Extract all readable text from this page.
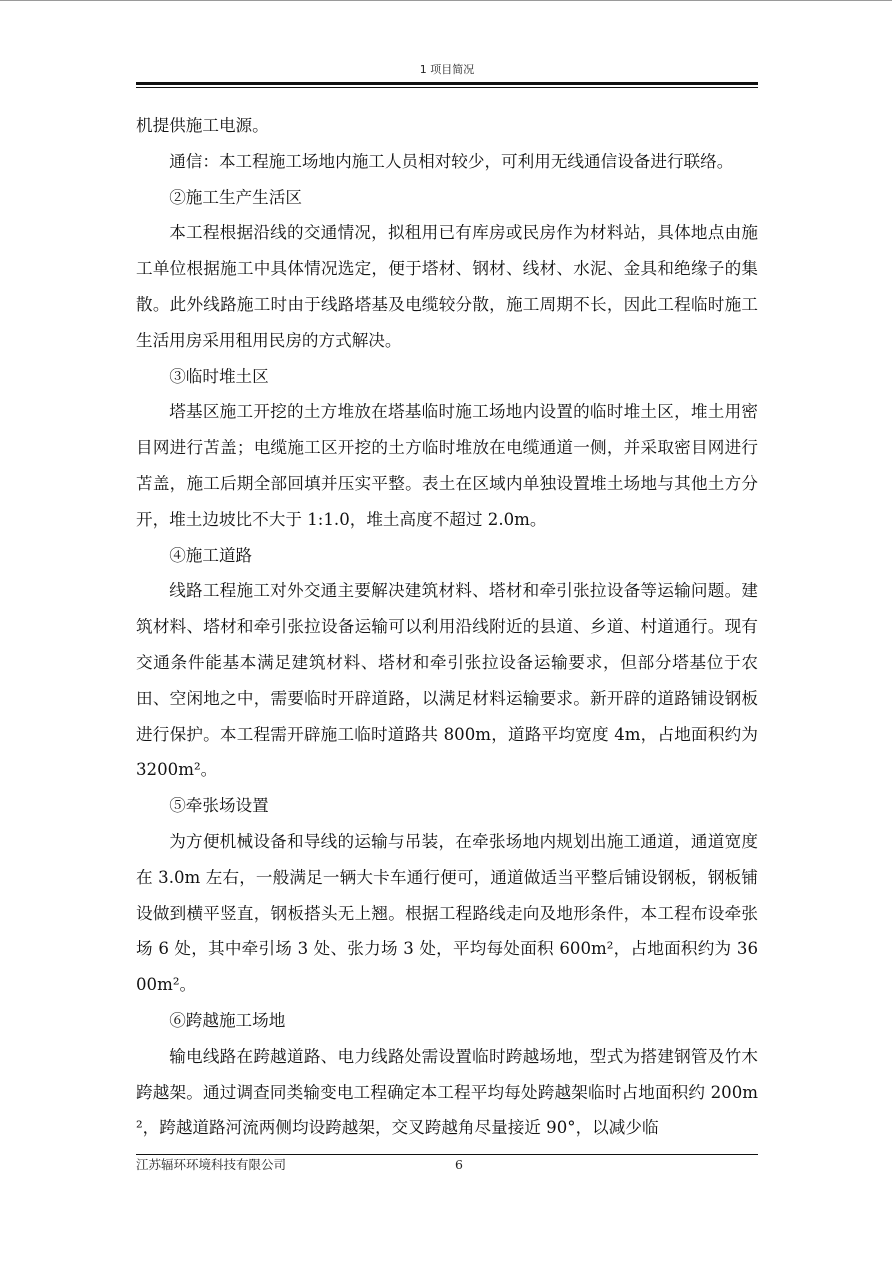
1 项目简况

机提供施工电源。

通信：本工程施工场地内施工人员相对较少，可利用无线通信设备进行联络。

②施工生产生活区

本工程根据沿线的交通情况，拟租用已有库房或民房作为材料站，具体地点由施工单位根据施工中具体情况选定，便于塔材、钢材、线材、水泥、金具和绝缘子的集散。此外线路施工时由于线路塔基及电缆较分散，施工周期不长，因此工程临时施工生活用房采用租用民房的方式解决。

③临时堆土区

塔基区施工开挖的土方堆放在塔基临时施工场地内设置的临时堆土区，堆土用密目网进行苫盖；电缆施工区开挖的土方临时堆放在电缆通道一侧，并采取密目网进行苫盖，施工后期全部回填并压实平整。表土在区域内单独设置堆土场地与其他土方分开，堆土边坡比不大于 1:1.0，堆土高度不超过 2.0m。

④施工道路

线路工程施工对外交通主要解决建筑材料、塔材和牵引张拉设备等运输问题。建筑材料、塔材和牵引张拉设备运输可以利用沿线附近的县道、乡道、村道通行。现有交通条件能基本满足建筑材料、塔材和牵引张拉设备运输要求，但部分塔基位于农田、空闲地之中，需要临时开辟道路，以满足材料运输要求。新开辟的道路铺设钢板进行保护。本工程需开辟施工临时道路共 800m，道路平均宽度 4m，占地面积约为 3200m²。

⑤牵张场设置

为方便机械设备和导线的运输与吊装，在牵张场地内规划出施工通道，通道宽度在 3.0m 左右，一般满足一辆大卡车通行便可，通道做适当平整后铺设钢板，钢板铺设做到横平竖直，钢板搭头无上翘。根据工程路线走向及地形条件，本工程布设牵张场 6 处，其中牵引场 3 处、张力场 3 处，平均每处面积 600m²，占地面积约为 3600m²。

⑥跨越施工场地

输电线路在跨越道路、电力线路处需设置临时跨越场地，型式为搭建钢管及竹木跨越架。通过调查同类输变电工程确定本工程平均每处跨越架临时占地面积约 200m²，跨越道路河流两侧均设跨越架，交叉跨越角尽量接近 90°，以减少临

江苏辐环环境科技有限公司	6
